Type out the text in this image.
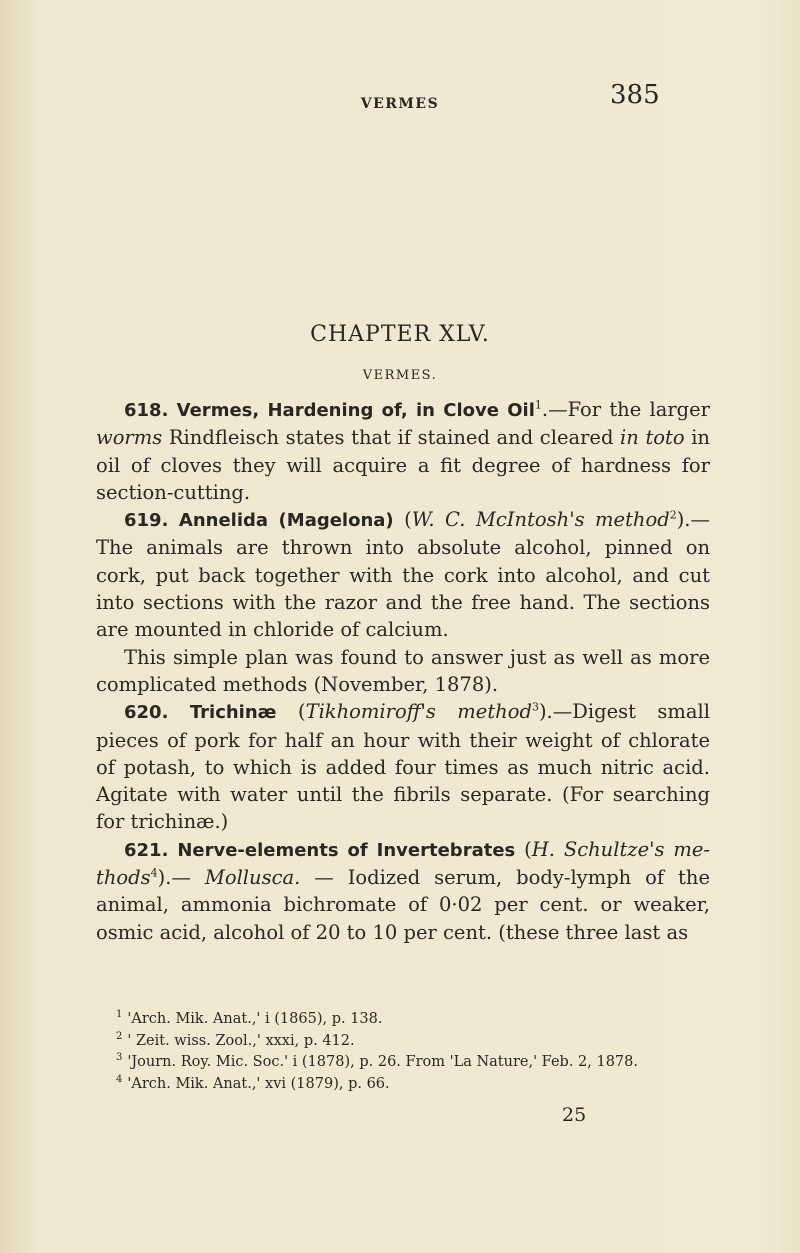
VERMES	385
CHAPTER XLV.
VERMES.

618. Vermes, Hardening of, in Clove Oil$^1$.—For the larger worms Rindfleisch states that if stained and cleared in toto in oil of cloves they will acquire a fit degree of hardness for section-cutting.

619. Annelida (Magelona) (W. C. McIntosh's method$^2$).— The animals are thrown into absolute alcohol, pinned on cork, put back together with the cork into alcohol, and cut into sections with the razor and the free hand. The sections are mounted in chloride of calcium.

This simple plan was found to answer just as well as more complicated methods (November, 1878).

620. Trichinæ (Tikhomiroff's method$^3$).—Digest small pieces of pork for half an hour with their weight of chlorate of potash, to which is added four times as much nitric acid. Agitate with water until the fibrils separate. (For searching for trichinæ.)

621. Nerve-elements of Invertebrates (H. Schultze's me- thods$^4$).— Mollusca. — Iodized serum, body-lymph of the animal, ammonia bichromate of 0·02 per cent. or weaker, osmic acid, alcohol of 20 to 10 per cent. (these three last as

$^1$ 'Arch. Mik. Anat.,' i (1865), p. 138.

$^2$ ' Zeit. wiss. Zool.,' xxxi, p. 412.

$^3$ 'Journ. Roy. Mic. Soc.' i (1878), p. 26. From 'La Nature,' Feb. 2, 1878.

$^4$ 'Arch. Mik. Anat.,' xvi (1879), p. 66.

25
